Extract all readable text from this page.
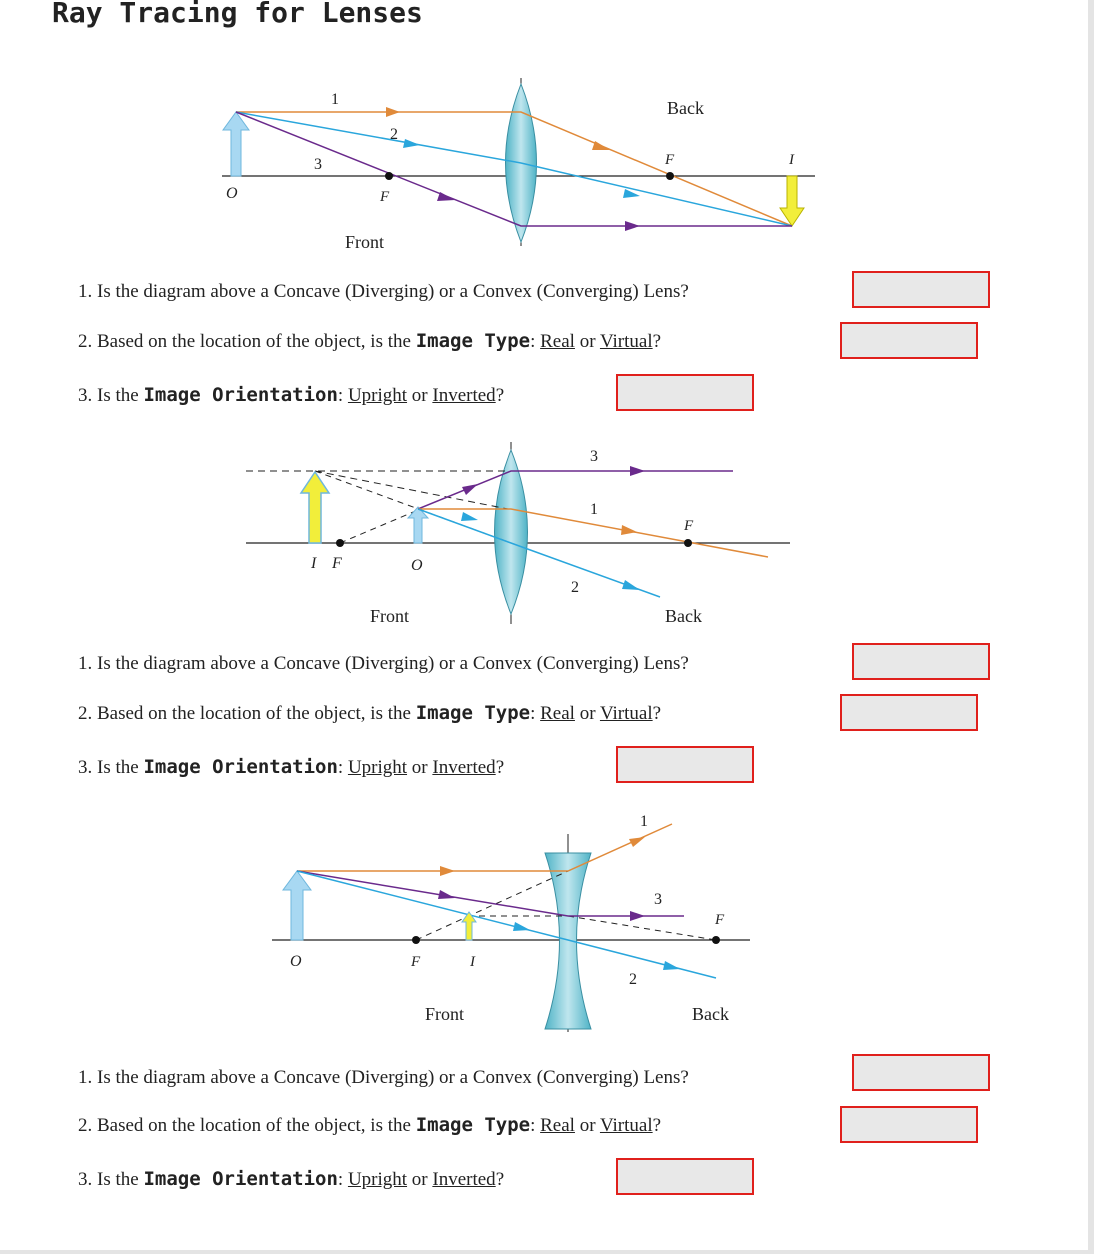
Ray Tracing for Lenses
1
2
3
O	F
F	I
Front
Back
1. Is the diagram above a Concave (Diverging) or a Convex (Converging) Lens?
2. Based on the location of the object, is the Image Type: Real or Virtual?
3. Is the Image Orientation: Upright or Inverted?
3
1
2
I F	O
F
Front	Back
1. Is the diagram above a Concave (Diverging) or a Convex (Converging) Lens?
2. Based on the location of the object, is the Image Type: Real or Virtual?
3. Is the Image Orientation: Upright or Inverted?
1
3
2
O	F	I
F
Front	Back
1. Is the diagram above a Concave (Diverging) or a Convex (Converging) Lens?
2. Based on the location of the object, is the Image Type: Real or Virtual?
3. Is the Image Orientation: Upright or Inverted?
